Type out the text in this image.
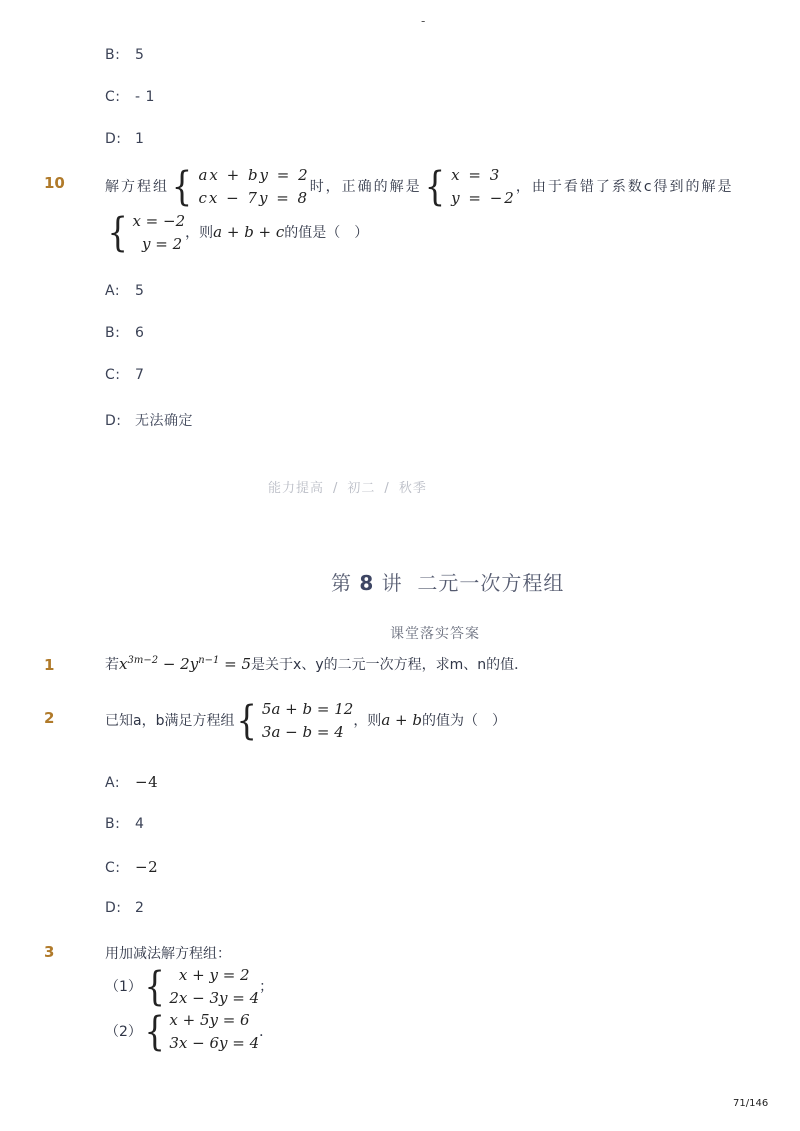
-
B: 5
C: - 1
D: 1
10	解方程组 { ax + by = 2
cx − 7y = 8
时，正确的解是 { x = 3
y = −2
，由于看错了系数c得到的解是
{ x = −2
y = 2
，则a + b + c的值是（　）
A: 5
B: 6
C: 7
D: 无法确定
能力提高 / 初二 / 秋季
第 8 讲 二元一次方程组
课堂落实答案
1	若$x^{3m-2} - 2y^{n-1} = 5$是关于x、y的二元一次方程，求m、n的值．
2	已知a，b满足方程组 { 5a + b = 12
3a − b = 4
，则a + b的值为（　）
A: −4
B: 4
C: −2
D: 2
3	用加减法解方程组：
（1） { x + y = 2
2x − 3y = 4
；
（2） { x + 5y = 6
3x − 6y = 4
．
71/146
